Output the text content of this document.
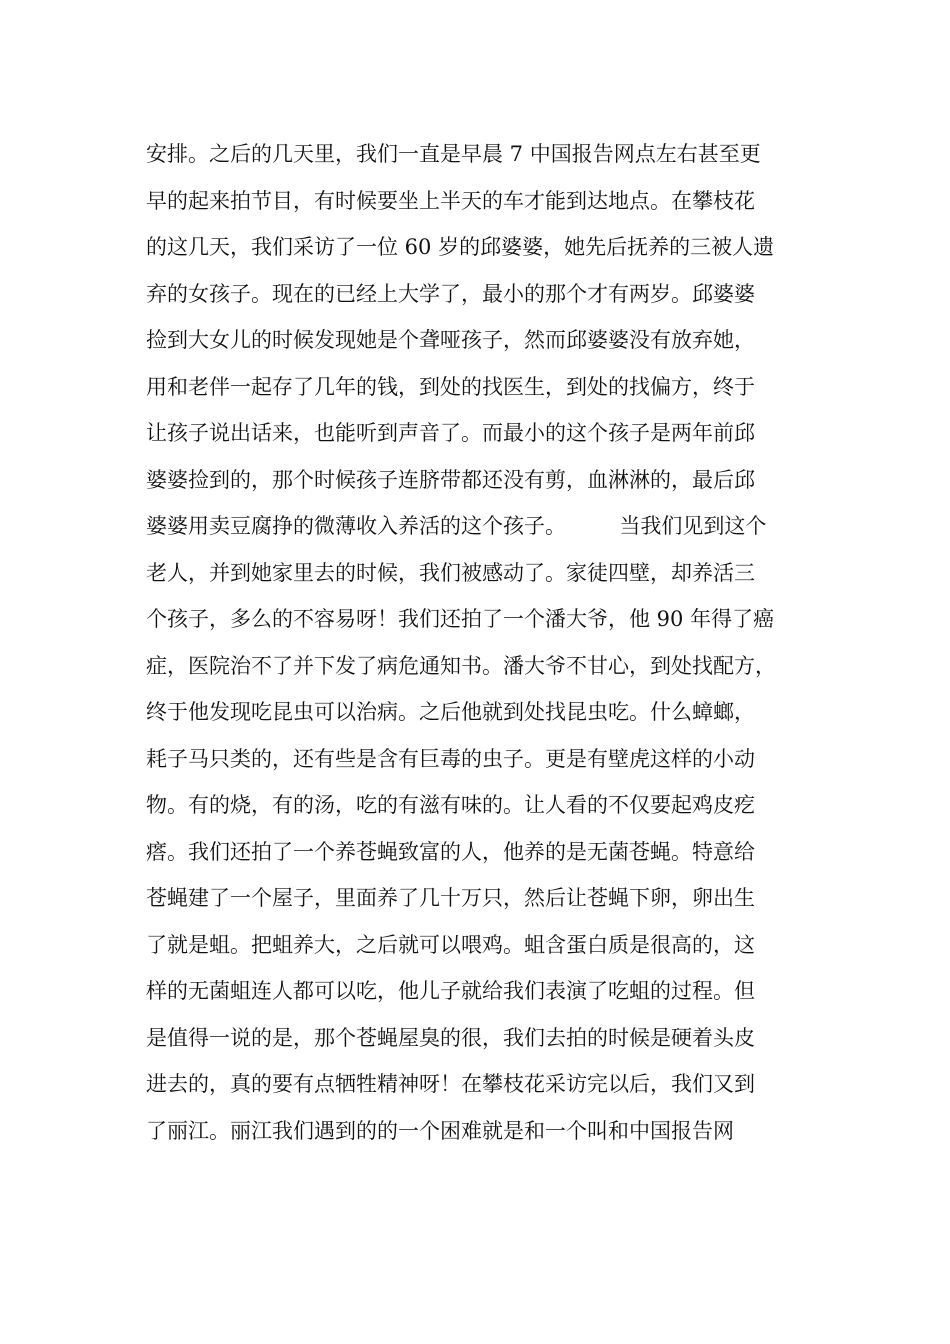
安排。之后的几天里，我们一直是早晨 7 中国报告网点左右甚至更
早的起来拍节目，有时候要坐上半天的车才能到达地点。在攀枝花
的这几天，我们采访了一位 60 岁的邱婆婆，她先后抚养的三被人遗
弃的女孩子。现在的已经上大学了，最小的那个才有两岁。邱婆婆
捡到大女儿的时候发现她是个聋哑孩子，然而邱婆婆没有放弃她，
用和老伴一起存了几年的钱，到处的找医生，到处的找偏方，终于
让孩子说出话来，也能听到声音了。而最小的这个孩子是两年前邱
婆婆捡到的，那个时候孩子连脐带都还没有剪，血淋淋的，最后邱
婆婆用卖豆腐挣的微薄收入养活的这个孩子。        当我们见到这个
老人，并到她家里去的时候，我们被感动了。家徒四壁，却养活三
个孩子，多么的不容易呀！我们还拍了一个潘大爷，他 90 年得了癌
症，医院治不了并下发了病危通知书。潘大爷不甘心，到处找配方，
终于他发现吃昆虫可以治病。之后他就到处找昆虫吃。什么蟑螂，
耗子马只类的，还有些是含有巨毒的虫子。更是有壁虎这样的小动
物。有的烧，有的汤，吃的有滋有味的。让人看的不仅要起鸡皮疙
瘩。我们还拍了一个养苍蝇致富的人，他养的是无菌苍蝇。特意给
苍蝇建了一个屋子，里面养了几十万只，然后让苍蝇下卵，卵出生
了就是蛆。把蛆养大，之后就可以喂鸡。蛆含蛋白质是很高的，这
样的无菌蛆连人都可以吃，他儿子就给我们表演了吃蛆的过程。但
是值得一说的是，那个苍蝇屋臭的很，我们去拍的时候是硬着头皮
进去的，真的要有点牺牲精神呀！在攀枝花采访完以后，我们又到
了丽江。丽江我们遇到的的一个困难就是和一个叫和中国报告网
